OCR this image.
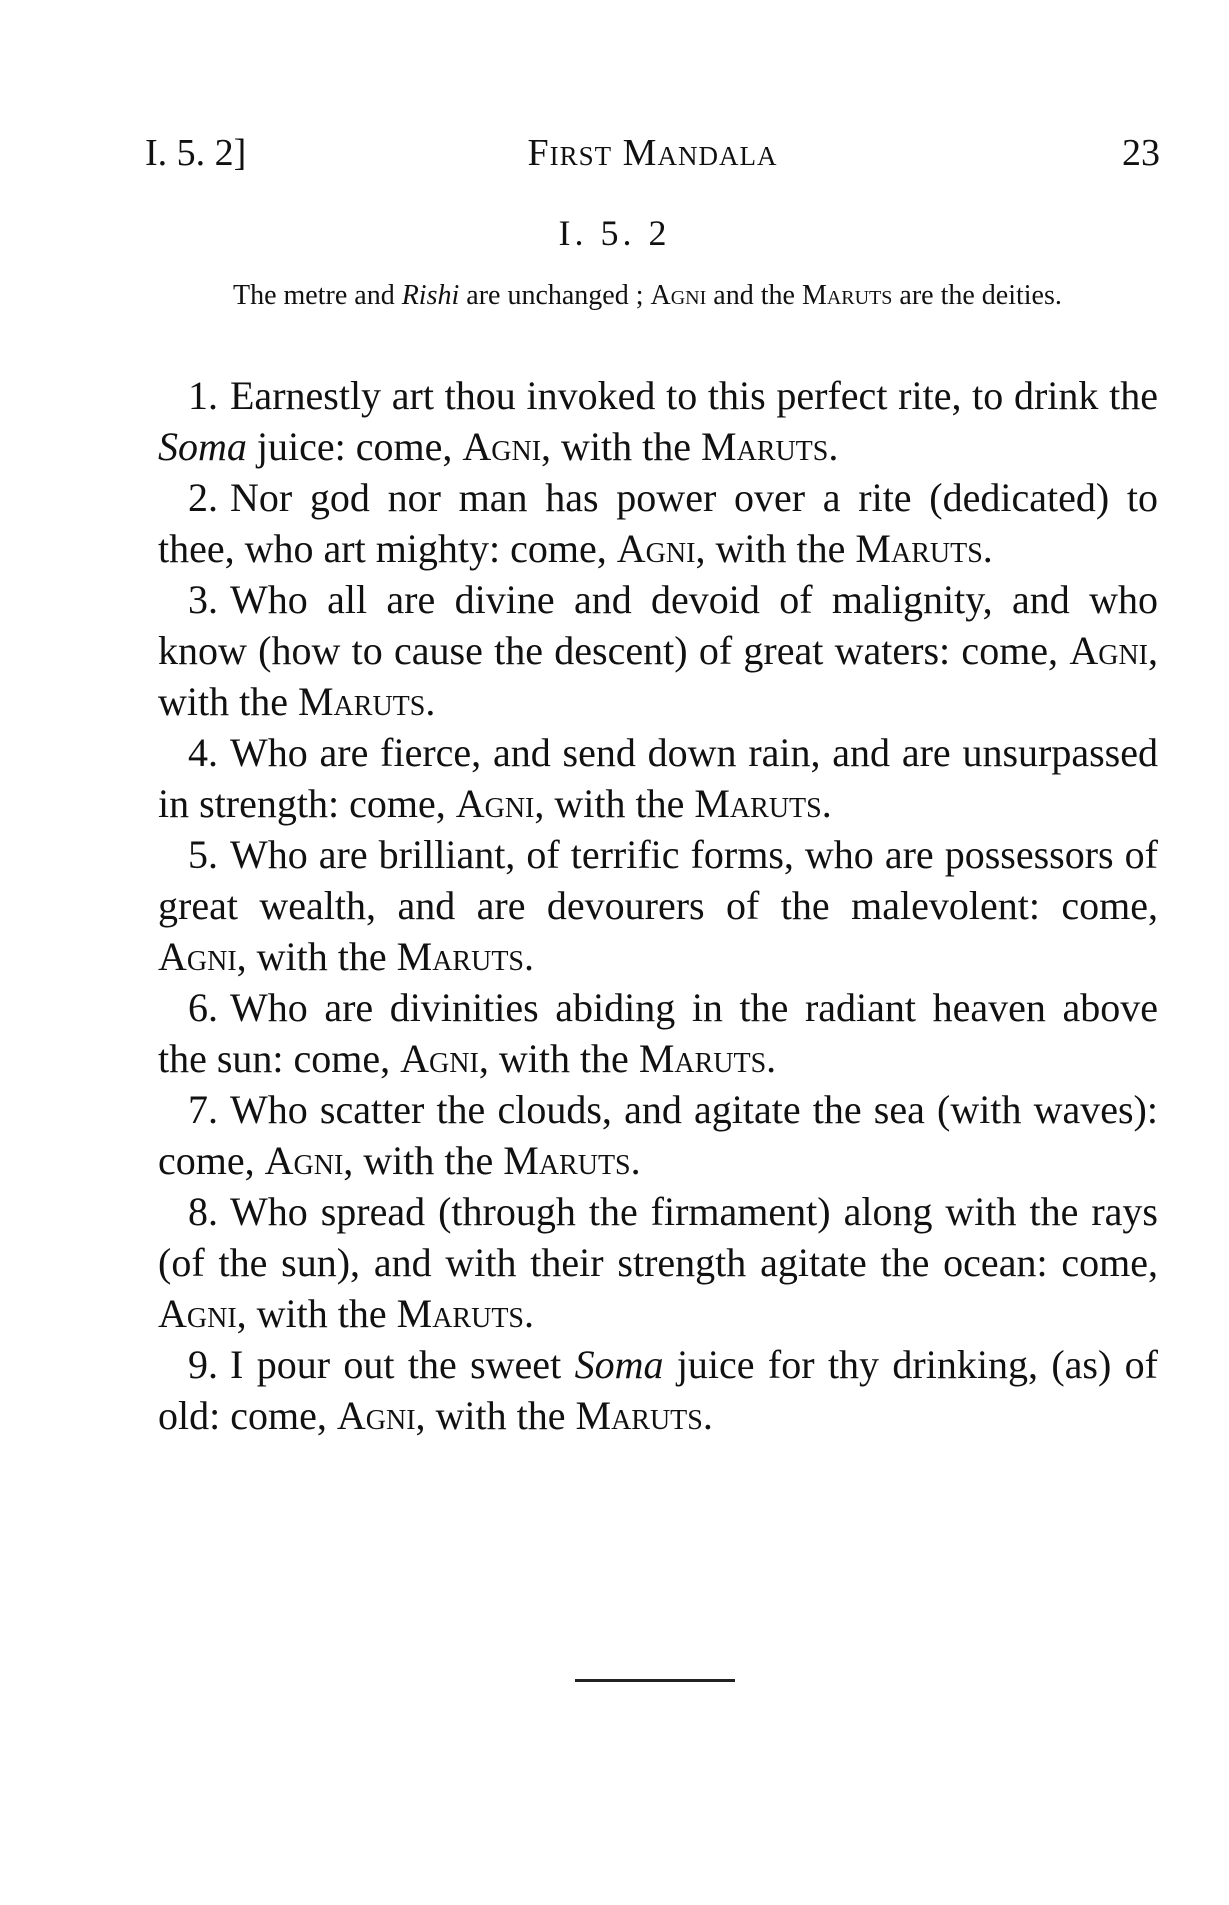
I. 5. 2]	First Mandala	23
I. 5. 2
The metre and Rishi are unchanged ; Agni and the Maruts are the deities.

1. Earnestly art thou invoked to this perfect rite, to drink the Soma juice: come, Agni, with the Maruts.

2. Nor god nor man has power over a rite (dedicated) to thee, who art mighty: come, Agni, with the Maruts.

3. Who all are divine and devoid of malignity, and who know (how to cause the descent) of great waters: come, Agni, with the Maruts.

4. Who are fierce, and send down rain, and are unsurpassed in strength: come, Agni, with the Maruts.

5. Who are brilliant, of terrific forms, who are possessors of great wealth, and are devourers of the malevolent: come, Agni, with the Maruts.

6. Who are divinities abiding in the radiant heaven above the sun: come, Agni, with the Maruts.

7. Who scatter the clouds, and agitate the sea (with waves): come, Agni, with the Maruts.

8. Who spread (through the firmament) along with the rays (of the sun), and with their strength agitate the ocean: come, Agni, with the Maruts.

9. I pour out the sweet Soma juice for thy drinking, (as) of old: come, Agni, with the Maruts.
